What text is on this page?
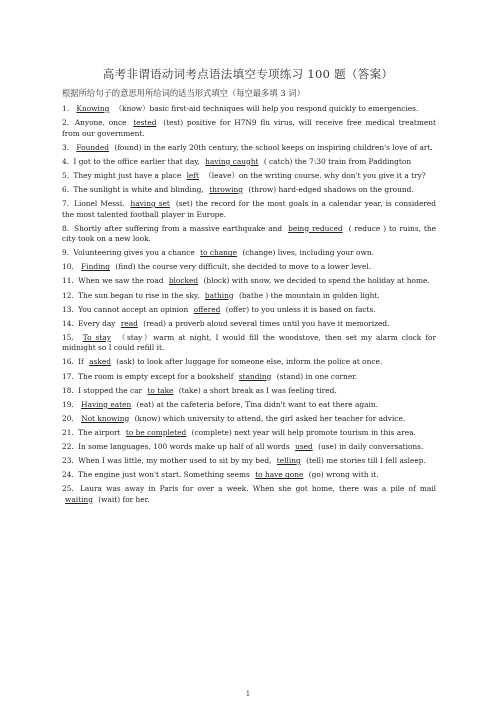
高考非谓语动词考点语法填空专项练习 100 题（答案）
根据所给句子的意思用所给词的适当形式填空（每空最多填 3 词）
1. Knowing （know）basic first-aid techniques will help you respond quickly to emergencies.
2. Anyone, once tested (test) positive for H7N9 flu virus, will receive free medical treatment from our government.
3. Founded (found) in the early 20th century, the school keeps on inspiring children's love of art.
4. I got to the office earlier that day, having caught ( catch) the 7:30 train from Paddington
5. They might just have a place left （leave）on the writing course. why don't you give it a try?
6. The sunlight is white and blinding, throwing (throw) hard-edged shadows on the ground.
7. Lionel Messi, having set (set) the record for the most goals in a calendar year, is considered the most talented football player in Europe.
8. Shortly after suffering from a massive earthquake and being reduced ( reduce ) to ruins, the city took on a new look.
9. Volunteering gives you a chance to change (change) lives, including your own.
10. Finding (find) the course very difficult, she decided to move to a lower level.
11. When we saw the road blocked (block) with snow, we decided to spend the holiday at home.
12. The sun began to rise in the sky, bathing (bathe ) the mountain in golden light.
13. You cannot accept an opinion offered (offer) to you unless it is based on facts.
14. Every day read (read) a proverb aloud several times until you have it memorized.
15. To stay （stay）warm at night, I would fill the woodstove, then set my alarm clock for midnight so I could refill it.
16. If asked (ask) to look after luggage for someone else, inform the police at once.
17. The room is empty except for a bookshelf standing (stand) in one corner.
18. I stopped the car to take (take) a short break as I was feeling tired.
19. Having eaten (eat) at the cafeteria before, Tina didn't want to eat there again.
20. Not knowing (know) which university to attend, the girl asked her teacher for advice.
21. The airport to be completed (complete) next year will help promote tourism in this area.
22. In some languages, 100 words make up half of all words used (use) in daily conversations.
23. When I was little, my mother used to sit by my bed, telling (tell) me stories till I fell asleep.
24. The engine just won't start. Something seems to have gone (go) wrong with it.
25. Laura was away in Paris for over a week. When she got home, there was a pile of mail waiting (wait) for her.
1
